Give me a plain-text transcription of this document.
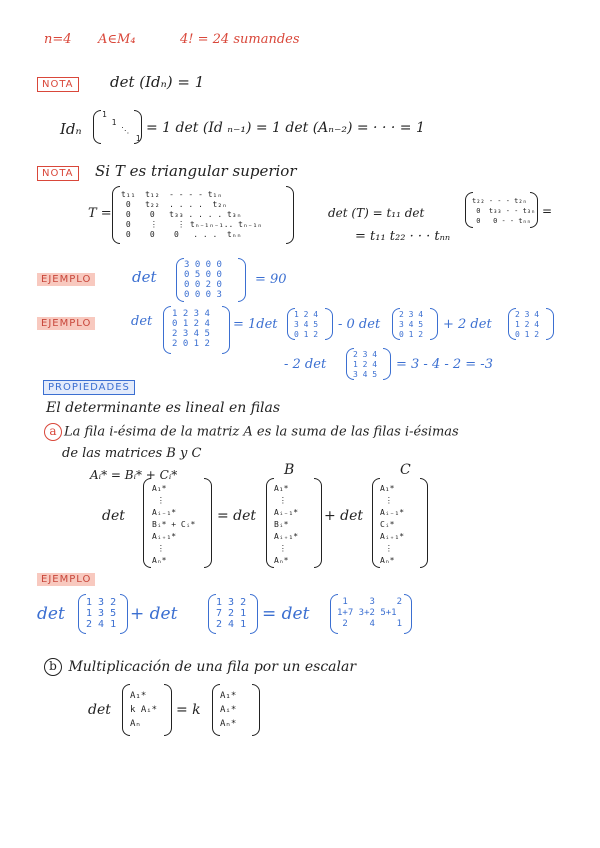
n=4 A∈M₄	4! = 24 sumandes
NOTA	det (Idₙ) = 1
Idₙ
1
1
⋱
1
= 1 det (Id ₙ₋₁) = 1 det (Aₙ₋₂) = · · · = 1
NOTA	Si T es triangular superior
T =
t₁₁  t₁₂  - - - - t₁ₙ
0   t₂₂  . . . .  t₂ₙ
0    0   t₃₃ . . . . t₃ₙ
0    ⋮    ⋮ tₙ₋₁ₙ₋₁.. tₙ₋₁ₙ
0    0    0   . . .  tₙₙ
det (T) = t₁₁ det
t₂₂ - - - t₂ₙ
0  t₃₃ - - t₃ₙ
0   0 - - tₙₙ
=
= t₁₁ t₂₂ · · · tₙₙ
EJEMPLO	det
3 0 0 0
0 5 0 0
0 0 2 0
0 0 0 3
= 90
EJEMPLO	det 1 2 3 4
0 1 2 4
2 3 4 5
2 0 1 2
= 1det
1 2 4
3 4 5
0 1 2
- 0 det
2 3 4
3 4 5
0 1 2
+ 2 det
2 3 4
1 2 4
0 1 2
- 2 det
2 3 4
1 2 4
3 4 5
= 3 - 4 - 2 = -3
PROPIEDADES
El determinante es lineal en filas
a La fila i-ésima de la matriz A es la suma de las filas i-ésimas
de las matrices B y C
Aᵢ* = Bᵢ* + Cᵢ*	B	C
det
A₁*
⋮
Aᵢ₋₁*
Bᵢ* + Cᵢ*
Aᵢ₊₁*
⋮
Aₙ*
= det
A₁*
⋮
Aᵢ₋₁*
Bᵢ*
Aᵢ₊₁*
⋮
Aₙ*
+ det
A₁*
⋮
Aᵢ₋₁*
Cᵢ*
Aᵢ₊₁*
⋮
Aₙ*
EJEMPLO
det
1 3 2
1 3 5
2 4 1
+ det
1 3 2
7 2 1
2 4 1
= det
1    3    2
1+7 3+2 5+1
2    4    1
b Multiplicación de una fila por un escalar
det
A₁*
k Aᵢ*
Aₙ
= k
A₁*
Aᵢ*
Aₙ*
